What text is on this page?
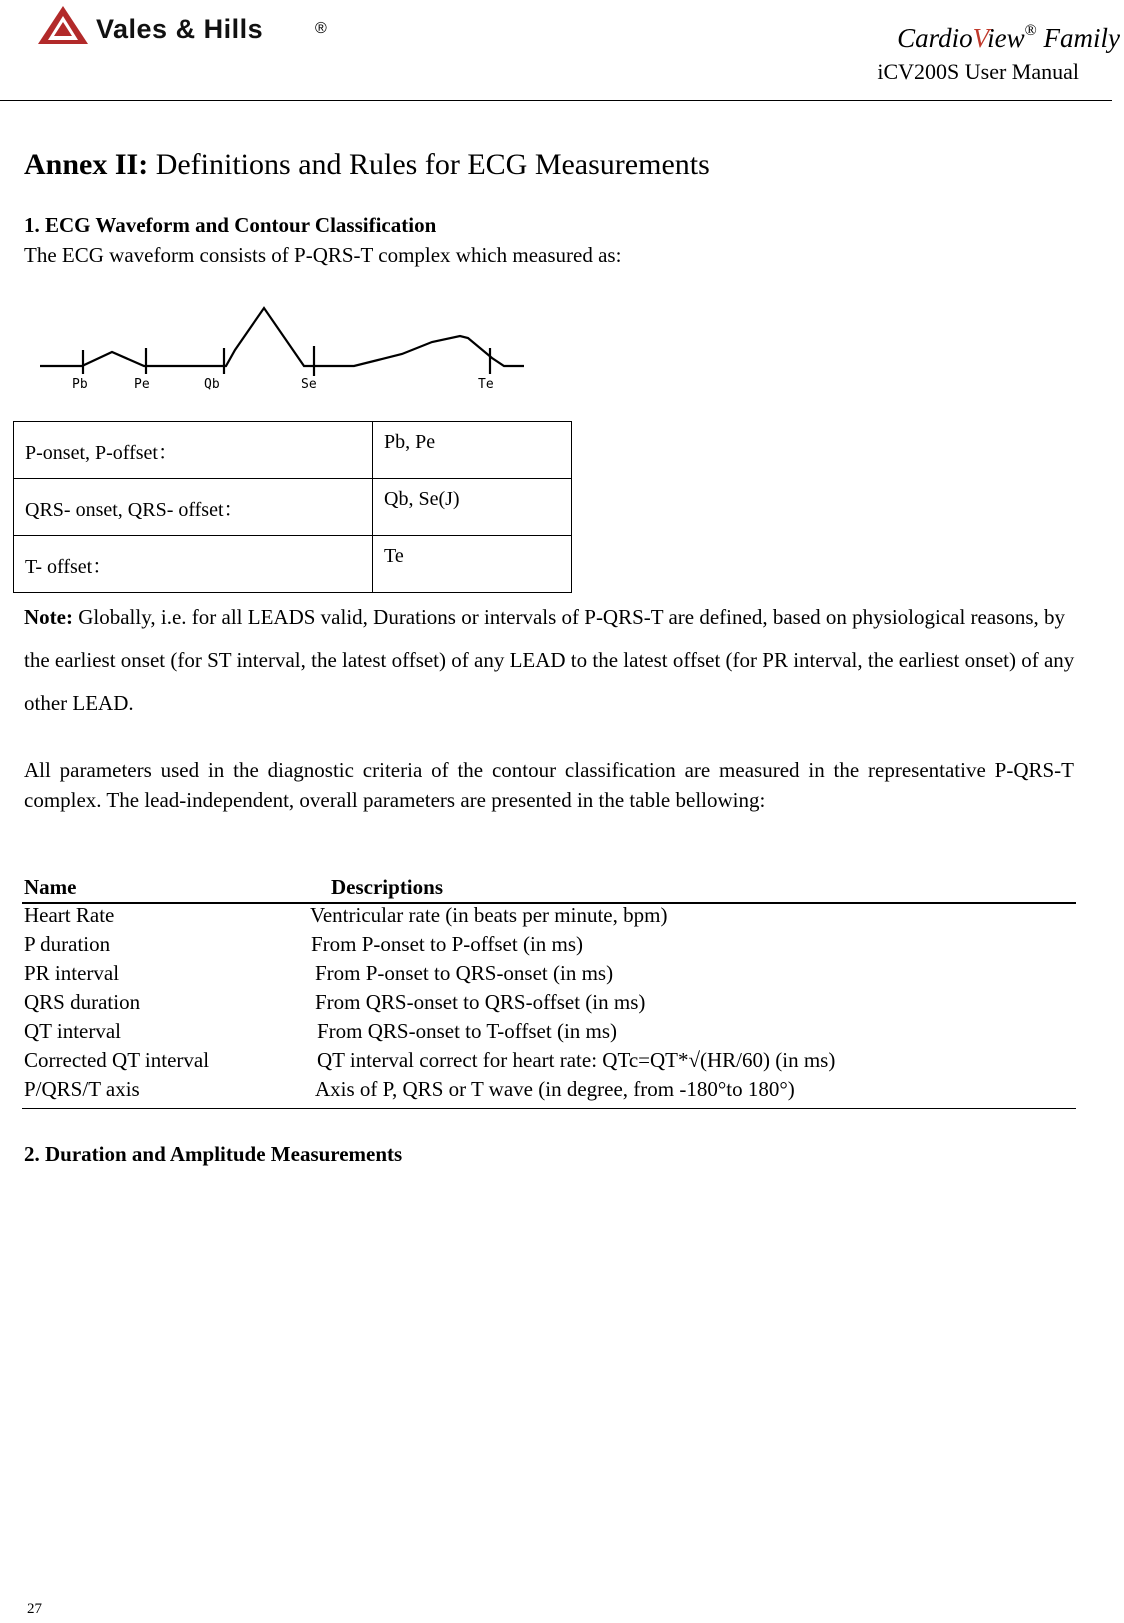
Vales & Hills	®	CardioView® Family
iCV200S User Manual
Annex II: Definitions and Rules for ECG Measurements
1. ECG Waveform and Contour Classification
The ECG waveform consists of P-QRS-T complex which measured as:
Pb	Pe	Qb	Se	Te
P-onset, P-offset：	Pb, Pe
QRS- onset, QRS- offset：	Qb, Se(J)
T- offset：	Te
Note: Globally, i.e. for all LEADS valid, Durations or intervals of P-QRS-T are defined, based on physiological reasons, by the earliest onset (for ST interval, the latest offset) of any LEAD to the latest offset (for PR interval, the earliest onset) of any other LEAD.
All parameters used in the diagnostic criteria of the contour classification are measured in the representative P-QRS-T complex. The lead-independent, overall parameters are presented in the table bellowing:
Name	Descriptions
Heart Rate	Ventricular rate (in beats per minute, bpm)
P duration	From P-onset to P-offset (in ms)
PR interval	From P-onset to QRS-onset (in ms)
QRS duration	From QRS-onset to QRS-offset (in ms)
QT interval	From QRS-onset to T-offset (in ms)
Corrected QT interval	QT interval correct for heart rate: QTc=QT*√(HR/60) (in ms)
P/QRS/T axis	Axis of P, QRS or T wave (in degree, from -180°to 180°)
2. Duration and Amplitude Measurements
27
